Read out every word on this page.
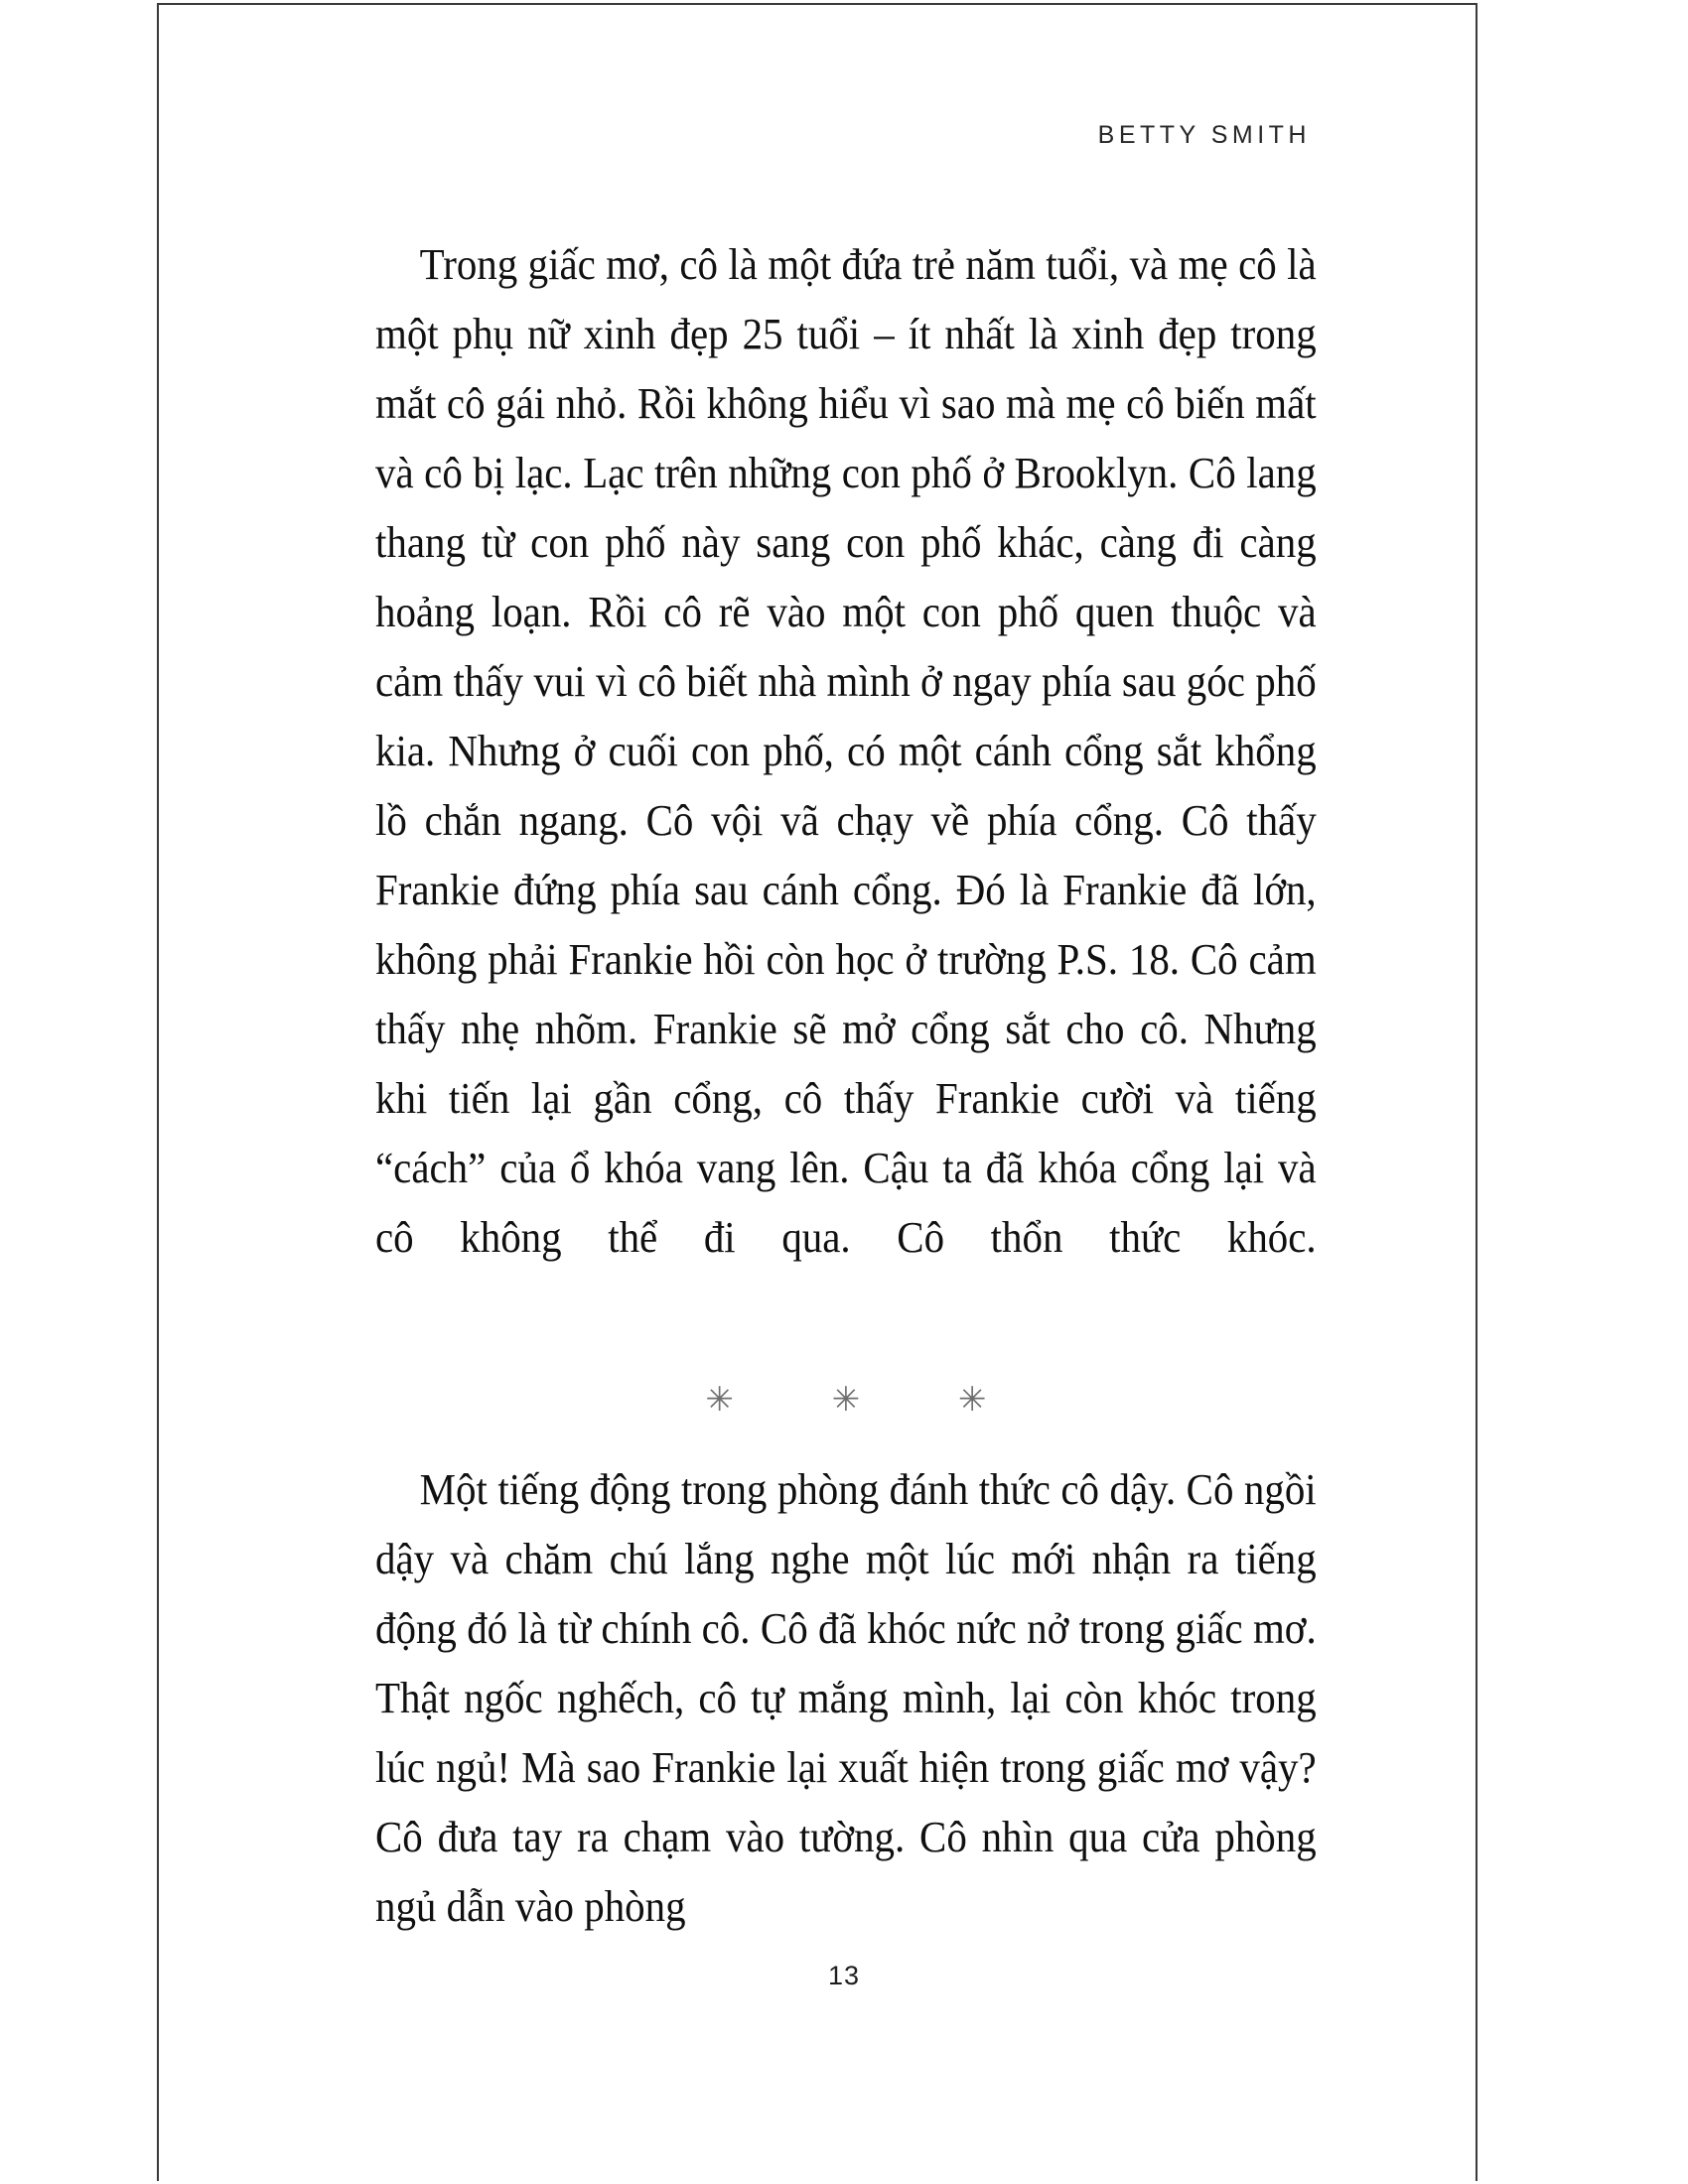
BETTY SMITH

Trong giấc mơ, cô là một đứa trẻ năm tuổi, và mẹ cô là một phụ nữ xinh đẹp 25 tuổi – ít nhất là xinh đẹp trong mắt cô gái nhỏ. Rồi không hiểu vì sao mà mẹ cô biến mất và cô bị lạc. Lạc trên những con phố ở Brooklyn. Cô lang thang từ con phố này sang con phố khác, càng đi càng hoảng loạn. Rồi cô rẽ vào một con phố quen thuộc và cảm thấy vui vì cô biết nhà mình ở ngay phía sau góc phố kia. Nhưng ở cuối con phố, có một cánh cổng sắt khổng lồ chắn ngang. Cô vội vã chạy về phía cổng. Cô thấy Frankie đứng phía sau cánh cổng. Đó là Frankie đã lớn, không phải Frankie hồi còn học ở trường P.S. 18. Cô cảm thấy nhẹ nhõm. Frankie sẽ mở cổng sắt cho cô. Nhưng khi tiến lại gần cổng, cô thấy Frankie cười và tiếng “cách” của ổ khóa vang lên. Cậu ta đã khóa cổng lại và cô không thể đi qua. Cô thổn thức khóc.

✳ ✳ ✳

Một tiếng động trong phòng đánh thức cô dậy. Cô ngồi dậy và chăm chú lắng nghe một lúc mới nhận ra tiếng động đó là từ chính cô. Cô đã khóc nức nở trong giấc mơ. Thật ngốc nghếch, cô tự mắng mình, lại còn khóc trong lúc ngủ! Mà sao Frankie lại xuất hiện trong giấc mơ vậy? Cô đưa tay ra chạm vào tường. Cô nhìn qua cửa phòng ngủ dẫn vào phòng

13
